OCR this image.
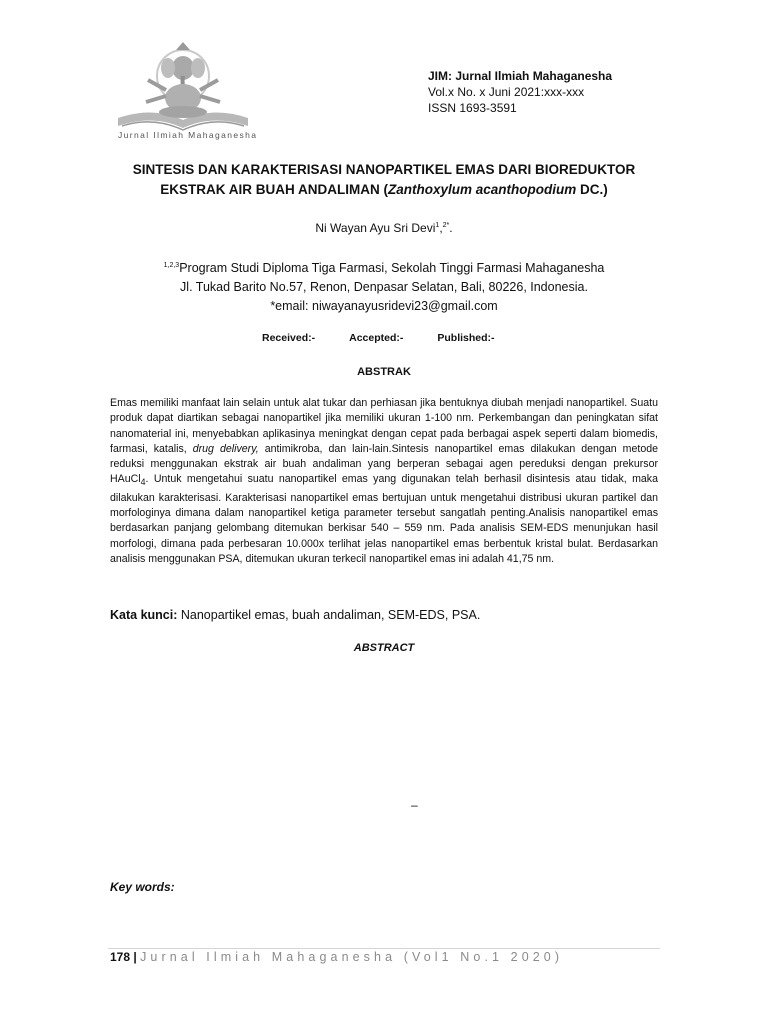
Jurnal Ilmiah Mahaganesha
JIM: Jurnal Ilmiah Mahaganesha
Vol.x No. x Juni 2021:xxx-xxx
ISSN 1693-3591
SINTESIS DAN KARAKTERISASI NANOPARTIKEL EMAS DARI BIOREDUKTOR
EKSTRAK AIR BUAH ANDALIMAN (Zanthoxylum acanthopodium DC.)
Ni Wayan Ayu Sri Devi$^1$,$^{2*}$.
$^{1,2,3}$Program Studi Diploma Tiga Farmasi, Sekolah Tinggi Farmasi Mahaganesha
Jl. Tukad Barito No.57, Renon, Denpasar Selatan, Bali, 80226, Indonesia.
*email: niwayanayusridevi23@gmail.com
Received:-	Accepted:-	Published:-
ABSTRAK
Emas memiliki manfaat lain selain untuk alat tukar dan perhiasan jika bentuknya diubah menjadi nanopartikel. Suatu produk dapat diartikan sebagai nanopartikel jika memiliki ukuran 1-100 nm. Perkembangan dan peningkatan sifat nanomaterial ini, menyebabkan aplikasinya meningkat dengan cepat pada berbagai aspek seperti dalam biomedis, farmasi, katalis, drug delivery, antimikroba, dan lain-lain.Sintesis nanopartikel emas dilakukan dengan metode reduksi menggunakan ekstrak air buah andaliman yang berperan sebagai agen pereduksi dengan prekursor HAuCl$_4$. Untuk mengetahui suatu nanopartikel emas yang digunakan telah berhasil disintesis atau tidak, maka dilakukan karakterisasi. Karakterisasi nanopartikel emas bertujuan untuk mengetahui distribusi ukuran partikel dan morfologinya dimana dalam nanopartikel ketiga parameter tersebut sangatlah penting.Analisis nanopartikel emas berdasarkan panjang gelombang ditemukan berkisar 540 – 559 nm. Pada analisis SEM-EDS menunjukan hasil morfologi, dimana pada perbesaran 10.000x terlihat jelas nanopartikel emas berbentuk kristal bulat. Berdasarkan analisis menggunakan PSA, ditemukan ukuran terkecil nanopartikel emas ini adalah 41,75 nm.
Kata kunci: Nanopartikel emas, buah andaliman, SEM-EDS, PSA.
ABSTRACT
–
Key words:
178 | Jurnal Ilmiah Mahaganesha (Vol1 No.1 2020)
